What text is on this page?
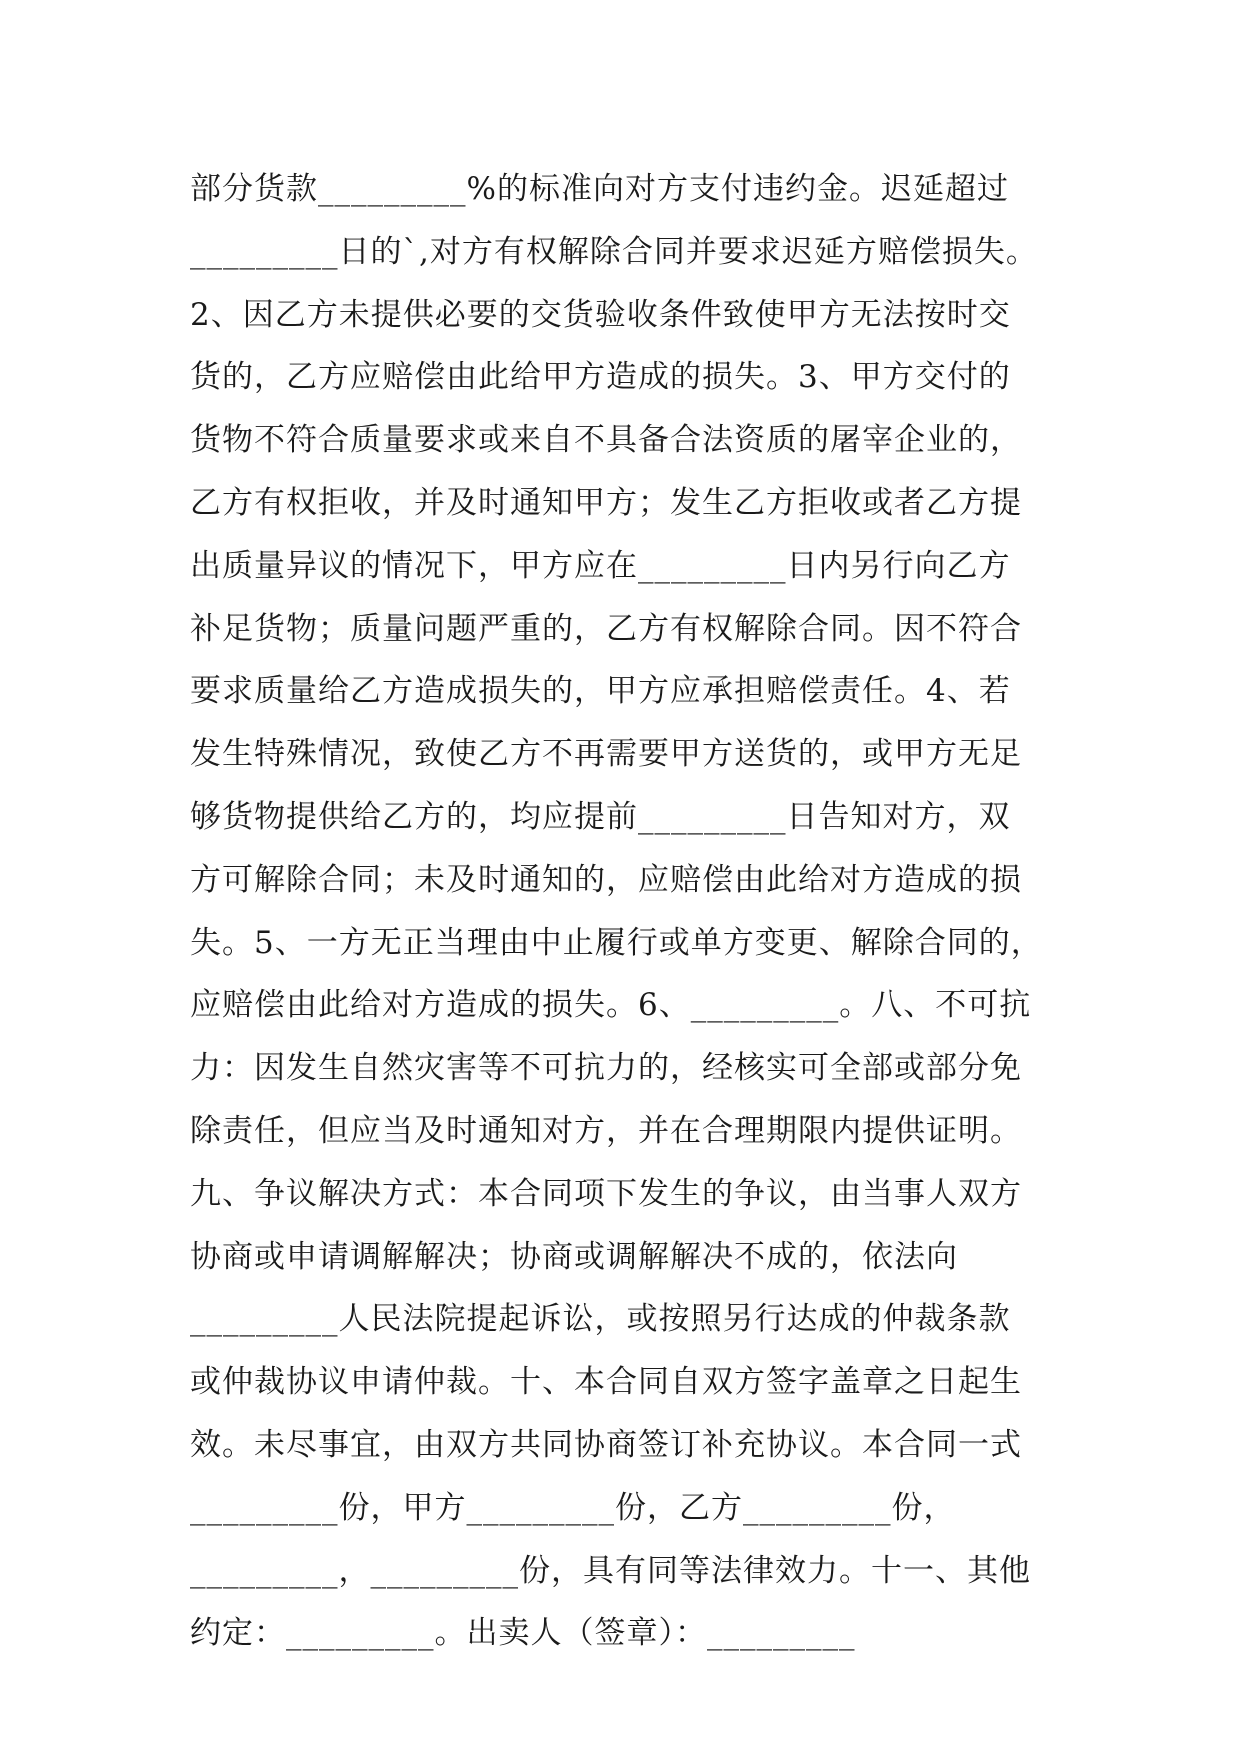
部分货款_________%的标准向对方支付违约金。迟延超过
_________日的`,对方有权解除合同并要求迟延方赔偿损失。
2、因乙方未提供必要的交货验收条件致使甲方无法按时交
货的，乙方应赔偿由此给甲方造成的损失。3、甲方交付的
货物不符合质量要求或来自不具备合法资质的屠宰企业的，
乙方有权拒收，并及时通知甲方；发生乙方拒收或者乙方提
出质量异议的情况下，甲方应在_________日内另行向乙方
补足货物；质量问题严重的，乙方有权解除合同。因不符合
要求质量给乙方造成损失的，甲方应承担赔偿责任。4、若
发生特殊情况，致使乙方不再需要甲方送货的，或甲方无足
够货物提供给乙方的，均应提前_________日告知对方，双
方可解除合同；未及时通知的，应赔偿由此给对方造成的损
失。5、一方无正当理由中止履行或单方变更、解除合同的，
应赔偿由此给对方造成的损失。6、_________。八、不可抗
力：因发生自然灾害等不可抗力的，经核实可全部或部分免
除责任，但应当及时通知对方，并在合理期限内提供证明。
九、争议解决方式：本合同项下发生的争议，由当事人双方
协商或申请调解解决；协商或调解解决不成的，依法向
_________人民法院提起诉讼，或按照另行达成的仲裁条款
或仲裁协议申请仲裁。十、本合同自双方签字盖章之日起生
效。未尽事宜，由双方共同协商签订补充协议。本合同一式
_________份，甲方_________份，乙方_________份，
_________，_________份，具有同等法律效力。十一、其他
约定：_________。出卖人（签章）：_________
